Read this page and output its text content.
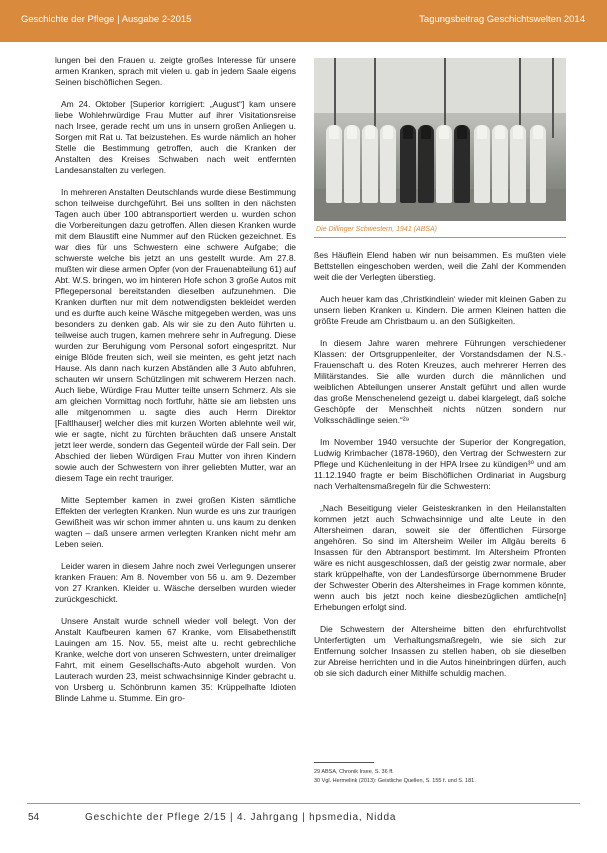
Geschichte der Pflege | Ausgabe 2-2015	Tagungsbeitrag Geschichtswelten 2014

lungen bei den Frauen u. zeigte großes Interesse für unsere armen Kranken, sprach mit vielen u. gab in jedem Saale eigens Seinen bischöflichen Segen.

Am 24. Oktober [Superior korrigiert: „August“] kam unsere liebe Wohlehrwürdige Frau Mutter auf ihrer Visitationsreise nach Irsee, gerade recht um uns in unsern großen Anliegen u. Sorgen mit Rat u. Tat beizustehen. Es wurde nämlich an hoher Stelle die Bestimmung getroffen, auch die Kranken der Anstalten des Kreises Schwaben nach weit entfernten Landesanstalten zu verlegen.

In mehreren Anstalten Deutschlands wurde diese Bestimmung schon teilweise durchgeführt. Bei uns sollten in den nächsten Tagen auch über 100 abtransportiert werden u. wurden schon die Vorbereitungen dazu getroffen. Allen diesen Kranken wurde mit dem Blaustift eine Nummer auf den Rücken gezeichnet. Es war dies für uns Schwestern eine schwere Aufgabe; die schwerste welche bis jetzt an uns gestellt wurde. Am 27.8. mußten wir diese armen Opfer (von der Frauenabteilung 61) auf Abt. W.S. bringen, wo im hinteren Hofe schon 3 große Autos mit Pflegepersonal bereitstanden dieselben aufzunehmen. Die Kranken durften nur mit dem notwendigsten bekleidet werden und es durfte auch keine Wäsche mitgegeben werden, was uns besonders zu denken gab. Als wir sie zu den Auto führten u. teilweise auch trugen, kamen mehrere sehr in Aufregung. Diese wurden zur Beruhigung vom Personal sofort eingespritzt. Nur einige Blöde freuten sich, weil sie meinten, es geht jetzt nach Hause. Als dann nach kurzen Abständen alle 3 Auto abfuhren, schauten wir unsern Schützlingen mit schwerem Herzen nach. Auch liebe, Würdige Frau Mutter teilte unsern Schmerz. Als sie am gleichen Vormittag noch fortfuhr, hätte sie am liebsten uns alle mitgenommen u. sagte dies auch Herrn Direktor [Faltlhauser] welcher dies mit kurzen Worten ablehnte weil wir, wie er sagte, nicht zu fürchten bräuchten daß unsere Anstalt jetzt leer werde, sondern das Gegenteil würde der Fall sein. Der Abschied der lieben Würdigen Frau Mutter von ihren Kindern sowie auch der Schwestern von ihrer geliebten Mutter, war an diesem Tage ein recht trauriger.

Mitte September kamen in zwei großen Kisten sämtliche Effekten der verlegten Kranken. Nun wurde es uns zur traurigen Gewißheit was wir schon immer ahnten u. uns kaum zu denken wagten – daß unsere armen verlegten Kranken nicht mehr am Leben seien.

Leider waren in diesem Jahre noch zwei Verlegungen unserer kranken Frauen: Am 8. November von 56 u. am 9. Dezember von 27 Kranken. Kleider u. Wäsche derselben wurden wieder zurückgeschickt.

Unsere Anstalt wurde schnell wieder voll belegt. Von der Anstalt Kaufbeuren kamen 67 Kranke, vom Elisabethenstift Lauingen am 15. Nov. 55, meist alte u. recht gebrechliche Kranke, welche dort von unseren Schwestern, unter dreimaliger Fahrt, mit einem Gesellschafts-Auto abgeholt wurden. Von Lauterach wurden 23, meist schwachsinnige Kinder gebracht u. von Ursberg u. Schönbrunn kamen 35: Krüppelhafte Idioten Blinde Lahme u. Stumme. Ein gro-

Die Dillinger Schwestern, 1941 (ABSA)

ßes Häuflein Elend haben wir nun beisammen. Es mußten viele Bettstellen eingeschoben werden, weil die Zahl der Kommenden weit die der Verlegten überstieg.

Auch heuer kam das ‚Christkindlein‘ wieder mit kleinen Gaben zu unsern lieben Kranken u. Kindern. Die armen Kleinen hatten die größte Freude am Christbaum u. an den Süßigkeiten.

In diesem Jahre waren mehrere Führungen verschiedener Klassen: der Ortsgruppenleiter, der Vorstandsdamen der N.S.-Frauenschaft u. des Roten Kreuzes, auch mehrerer Herren des Militärstandes. Sie alle wurden durch die männlichen und weiblichen Abteilungen unserer Anstalt geführt und allen wurde das große Menschenelend gezeigt u. dabei klargelegt, daß solche Geschöpfe der Menschheit nichts nützen sondern nur Volksschädlinge seien.“²⁹

Im November 1940 versuchte der Superior der Kongregation, Ludwig Krimbacher (1878-1960), den Vertrag der Schwestern zur Pflege und Küchenleitung in der HPA Irsee zu kündigen³⁰ und am 11.12.1940 fragte er beim Bischöflichen Ordinariat in Augsburg nach Verhaltensmaßregeln für die Schwestern:

„Nach Beseitigung vieler Geisteskranken in den Heilanstalten kommen jetzt auch Schwachsinnige und alte Leute in den Altersheimen daran, soweit sie der öffentlichen Fürsorge angehören. So sind im Altersheim Weiler im Allgäu bereits 6 Insassen für den Abtransport bestimmt. Im Altersheim Pfronten wäre es nicht ausgeschlossen, daß der geistig zwar normale, aber stark krüppelhafte, von der Landesfürsorge übernommene Bruder der Schwester Oberin des Altersheimes in Frage kommen könnte, wenn auch bis jetzt noch keine diesbezüglichen amtliche[n] Erhebungen erfolgt sind.

Die Schwestern der Altersheime bitten den ehrfurchtvollst Unterfertigten um Verhaltungsmaßregeln, wie sie sich zur Entfernung solcher Insassen zu stellen haben, ob sie dieselben zur Abreise herrichten und in die Autos hineinbringen dürfen, auch ob sie sich dadurch einer Mithilfe schuldig machen.

29 ABSA, Chronik Irsee, S. 36 ff.
30 Vgl. Hermelink (2013): Geistliche Quellen, S. 155 f. und S. 181.
54	Geschichte der Pflege 2/15 | 4. Jahrgang | hpsmedia, Nidda
